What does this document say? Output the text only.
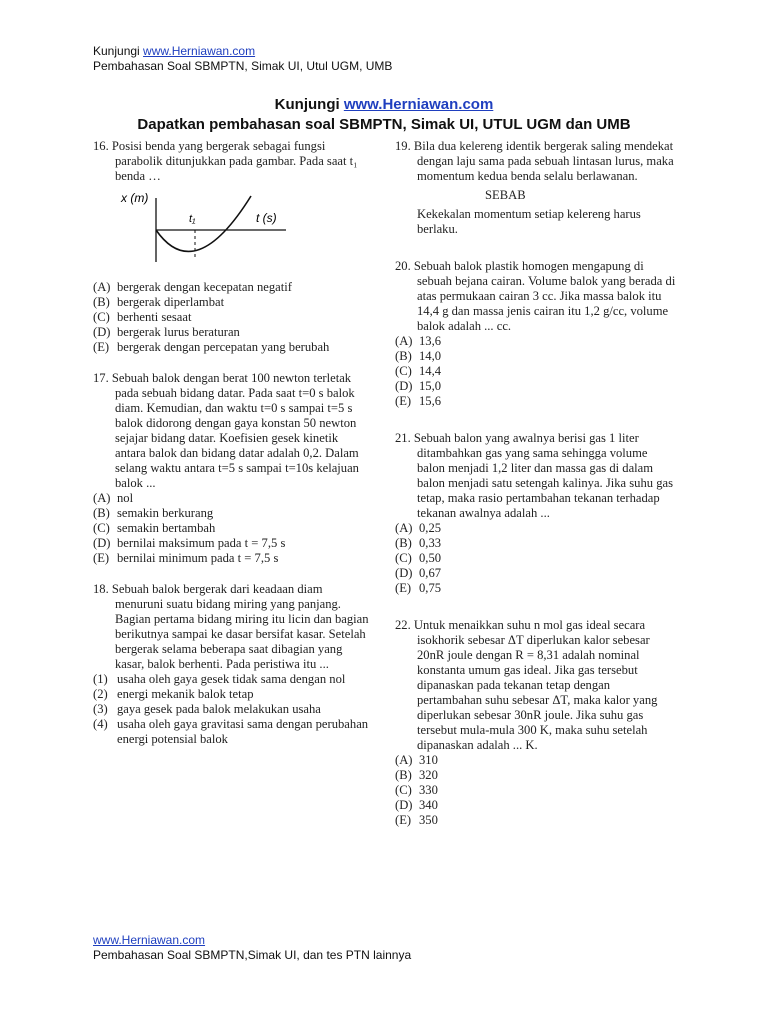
Kunjungi www.Herniawan.com
Pembahasan Soal SBMPTN, Simak UI, Utul UGM, UMB
Kunjungi www.Herniawan.com
Dapatkan pembahasan soal SBMPTN, Simak UI, UTUL UGM dan UMB

16. Posisi benda yang bergerak sebagai fungsi parabolik ditunjukkan pada gambar. Pada saat t₁ benda …

x (m)
t (s)
t₁
(A) bergerak dengan kecepatan negatif
(B) bergerak diperlambat
(C) berhenti sesaat
(D) bergerak lurus beraturan
(E) bergerak dengan percepatan yang berubah

17. Sebuah balok dengan berat 100 newton terletak pada sebuah bidang datar. Pada saat t=0 s balok diam. Kemudian, dan waktu t=0 s sampai t=5 s balok didorong dengan gaya konstan 50 newton sejajar bidang datar. Koefisien gesek kinetik antara balok dan bidang datar adalah 0,2. Dalam selang waktu antara t=5 s sampai t=10s kelajuan balok ...

(A) nol
(B) semakin berkurang
(C) semakin bertambah
(D) bernilai maksimum pada t = 7,5 s
(E) bernilai minimum pada t = 7,5 s

18. Sebuah balok bergerak dari keadaan diam menuruni suatu bidang miring yang panjang. Bagian pertama bidang miring itu licin dan bagian berikutnya sampai ke dasar bersifat kasar. Setelah bergerak selama beberapa saat dibagian yang kasar, balok berhenti. Pada peristiwa itu ...

(1) usaha oleh gaya gesek tidak sama dengan nol
(2) energi mekanik balok tetap
(3) gaya gesek pada balok melakukan usaha
(4) usaha oleh gaya gravitasi sama dengan perubahan energi potensial balok

19. Bila dua kelereng identik bergerak saling mendekat dengan laju sama pada sebuah lintasan lurus, maka momentum kedua benda selalu berlawanan.

SEBAB

Kekekalan momentum setiap kelereng harus berlaku.

20. Sebuah balok plastik homogen mengapung di sebuah bejana cairan. Volume balok yang berada di atas permukaan cairan 3 cc. Jika massa balok itu 14,4 g dan massa jenis cairan itu 1,2 g/cc, volume balok adalah ... cc.

(A) 13,6
(B) 14,0
(C) 14,4
(D) 15,0
(E) 15,6

21. Sebuah balon yang awalnya berisi gas 1 liter ditambahkan gas yang sama sehingga volume balon menjadi 1,2 liter dan massa gas di dalam balon menjadi satu setengah kalinya. Jika suhu gas tetap, maka rasio pertambahan tekanan terhadap tekanan awalnya adalah ...

(A) 0,25
(B) 0,33
(C) 0,50
(D) 0,67
(E) 0,75

22. Untuk menaikkan suhu n mol gas ideal secara isokhorik sebesar ΔT diperlukan kalor sebesar 20nR joule dengan R = 8,31 adalah nominal konstanta umum gas ideal. Jika gas tersebut dipanaskan pada tekanan tetap dengan pertambahan suhu sebesar ΔT, maka kalor yang diperlukan sebesar 30nR joule. Jika suhu gas tersebut mula-mula 300 K, maka suhu setelah dipanaskan adalah ... K.

(A) 310
(B) 320
(C) 330
(D) 340
(E) 350
www.Herniawan.com
Pembahasan Soal SBMPTN,Simak UI, dan tes PTN lainnya
